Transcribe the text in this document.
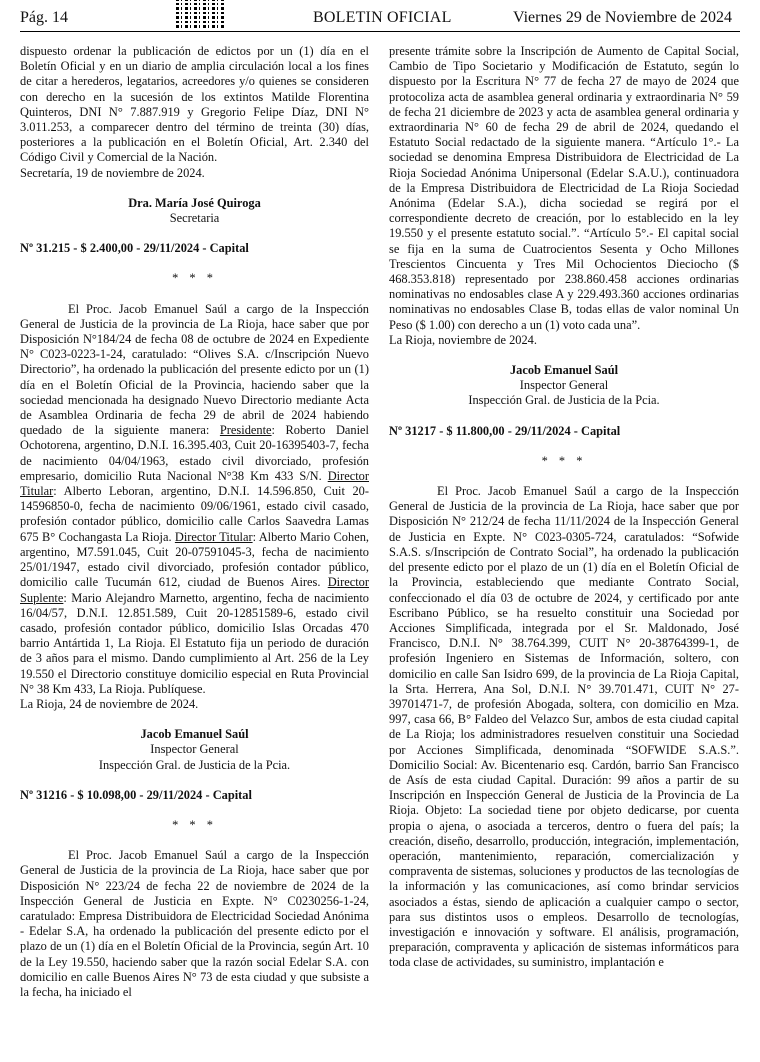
Pág. 14	BOLETIN OFICIAL	Viernes 29 de Noviembre de 2024

dispuesto ordenar la publicación de edictos por un (1) día en el Boletín Oficial y en un diario de amplia circulación local a los fines de citar a herederos, legatarios, acreedores y/o quienes se consideren con derecho en la sucesión de los extintos Matilde Florentina Quinteros, DNI N° 7.887.919 y Gregorio Felipe Díaz, DNI N° 3.011.253, a comparecer dentro del término de treinta (30) días, posteriores a la publicación en el Boletín Oficial, Art. 2.340 del Código Civil y Comercial de la Nación.

Secretaría, 19 de noviembre de 2024.

Dra. María José Quiroga

Secretaria

Nº 31.215 - $ 2.400,00 - 29/11/2024 - Capital

* * *

El Proc. Jacob Emanuel Saúl a cargo de la Inspección General de Justicia de la provincia de La Rioja, hace saber que por Disposición N°184/24 de fecha 08 de octubre de 2024 en Expediente N° C023-0223-1-24, caratulado: “Olives S.A. c/Inscripción Nuevo Directorio”, ha ordenado la publicación del presente edicto por un (1) día en el Boletín Oficial de la Provincia, haciendo saber que la sociedad mencionada ha designado Nuevo Directorio mediante Acta de Asamblea Ordinaria de fecha 29 de abril de 2024 habiendo quedado de la siguiente manera: Presidente: Roberto Daniel Ochotorena, argentino, D.N.I. 16.395.403, Cuit 20-16395403-7, fecha de nacimiento 04/04/1963, estado civil divorciado, profesión empresario, domicilio Ruta Nacional N°38 Km 433 S/N. Director Titular: Alberto Leboran, argentino, D.N.I. 14.596.850, Cuit 20-14596850-0, fecha de nacimiento 09/06/1961, estado civil casado, profesión contador público, domicilio calle Carlos Saavedra Lamas 675 B° Cochangasta La Rioja. Director Titular: Alberto Mario Cohen, argentino, M7.591.045, Cuit 20-07591045-3, fecha de nacimiento 25/01/1947, estado civil divorciado, profesión contador público, domicilio calle Tucumán 612, ciudad de Buenos Aires. Director Suplente: Mario Alejandro Marnetto, argentino, fecha de nacimiento 16/04/57, D.N.I. 12.851.589, Cuit 20-12851589-6, estado civil casado, profesión contador público, domicilio Islas Orcadas 470 barrio Antártida 1, La Rioja. El Estatuto fija un periodo de duración de 3 años para el mismo. Dando cumplimiento al Art. 256 de la Ley 19.550 el Directorio constituye domicilio especial en Ruta Provincial N° 38 Km 433, La Rioja. Publíquese.

La Rioja, 24 de noviembre de 2024.

Jacob Emanuel Saúl

Inspector General

Inspección Gral. de Justicia de la Pcia.

Nº 31216 - $ 10.098,00 - 29/11/2024 - Capital

* * *

El Proc. Jacob Emanuel Saúl a cargo de la Inspección General de Justicia de la provincia de La Rioja, hace saber que por Disposición N° 223/24 de fecha 22 de noviembre de 2024 de la Inspección General de Justicia en Expte. N° C0230256-1-24, caratulado: Empresa Distribuidora de Electricidad Sociedad Anónima - Edelar S.A, ha ordenado la publicación del presente edicto por el plazo de un (1) día en el Boletín Oficial de la Provincia, según Art. 10 de la Ley 19.550, haciendo saber que la razón social Edelar S.A. con domicilio en calle Buenos Aires N° 73 de esta ciudad y que subsiste a la fecha, ha iniciado el

presente trámite sobre la Inscripción de Aumento de Capital Social, Cambio de Tipo Societario y Modificación de Estatuto, según lo dispuesto por la Escritura N° 77 de fecha 27 de mayo de 2024 que protocoliza acta de asamblea general ordinaria y extraordinaria N° 59 de fecha 21 diciembre de 2023 y acta de asamblea general ordinaria y extraordinaria N° 60 de fecha 29 de abril de 2024, quedando el Estatuto Social redactado de la siguiente manera. “Artículo 1°.- La sociedad se denomina Empresa Distribuidora de Electricidad de La Rioja Sociedad Anónima Unipersonal (Edelar S.A.U.), continuadora de la Empresa Distribuidora de Electricidad de La Rioja Sociedad Anónima (Edelar S.A.), dicha sociedad se regirá por el correspondiente decreto de creación, por lo establecido en la ley 19.550 y el presente estatuto social.”. “Artículo 5°.- El capital social se fija en la suma de Cuatrocientos Sesenta y Ocho Millones Trescientos Cincuenta y Tres Mil Ochocientos Dieciocho ($ 468.353.818) representado por 238.860.458 acciones ordinarias nominativas no endosables clase A y 229.493.360 acciones ordinarias nominativas no endosables Clase B, todas ellas de valor nominal Un Peso ($ 1.00) con derecho a un (1) voto cada una”.

La Rioja, noviembre de 2024.

Jacob Emanuel Saúl

Inspector General

Inspección Gral. de Justicia de la Pcia.

Nº 31217 - $ 11.800,00 - 29/11/2024 - Capital

* * *

El Proc. Jacob Emanuel Saúl a cargo de la Inspección General de Justicia de la provincia de La Rioja, hace saber que por Disposición N° 212/24 de fecha 11/11/2024 de la Inspección General de Justicia en Expte. N° C023-0305-724, caratulados: “Sofwide S.A.S. s/Inscripción de Contrato Social”, ha ordenado la publicación del presente edicto por el plazo de un (1) día en el Boletín Oficial de la Provincia, estableciendo que mediante Contrato Social, confeccionado el día 03 de octubre de 2024, y certificado por ante Escribano Público, se ha resuelto constituir una Sociedad por Acciones Simplificada, integrada por el Sr. Maldonado, José Francisco, D.N.I. N° 38.764.399, CUIT N° 20-38764399-1, de profesión Ingeniero en Sistemas de Información, soltero, con domicilio en calle San Isidro 699, de la provincia de La Rioja Capital, la Srta. Herrera, Ana Sol, D.N.I. N° 39.701.471, CUIT N° 27-39701471-7, de profesión Abogada, soltera, con domicilio en Mza. 997, casa 66, B° Faldeo del Velazco Sur, ambos de esta ciudad capital de La Rioja; los administradores resuelven constituir una Sociedad por Acciones Simplificada, denominada “SOFWIDE S.A.S.”. Domicilio Social: Av. Bicentenario esq. Cardón, barrio San Francisco de Asís de esta ciudad Capital. Duración: 99 años a partir de su Inscripción en Inspección General de Justicia de la Provincia de La Rioja. Objeto: La sociedad tiene por objeto dedicarse, por cuenta propia o ajena, o asociada a terceros, dentro o fuera del país; la creación, diseño, desarrollo, producción, integración, implementación, operación, mantenimiento, reparación, comercialización y compraventa de sistemas, soluciones y productos de las tecnologías de la información y las comunicaciones, así como brindar servicios asociados a éstas, siendo de aplicación a cualquier campo o sector, para sus distintos usos o empleos. Desarrollo de tecnologías, investigación e innovación y software. El análisis, programación, preparación, compraventa y aplicación de sistemas informáticos para toda clase de actividades, su suministro, implantación e
